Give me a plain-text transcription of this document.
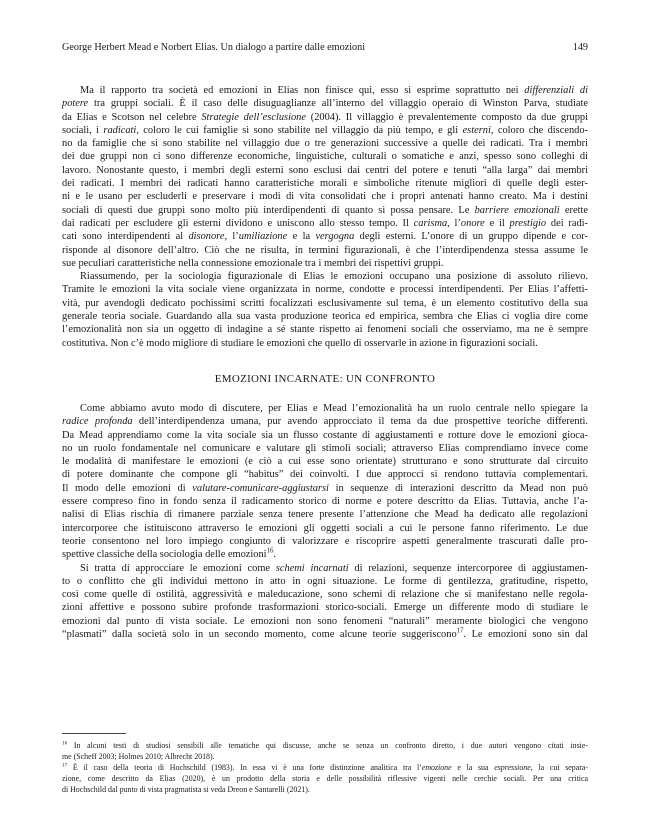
George Herbert Mead e Norbert Elias. Un dialogo a partire dalle emozioni	149
Ma il rapporto tra società ed emozioni in Elias non finisce qui, esso si esprime soprattutto nei differenziali di
potere tra gruppi sociali. È il caso delle disuguaglianze all’interno del villaggio operaio di Winston Parva, studiate
da Elias e Scotson nel celebre Strategie dell’esclusione (2004). Il villaggio è prevalentemente composto da due gruppi
sociali, i radicati, coloro le cui famiglie si sono stabilite nel villaggio da più tempo, e gli esterni, coloro che discendo-
no da famiglie che si sono stabilite nel villaggio due o tre generazioni successive a quelle dei radicati. Tra i membri
dei due gruppi non ci sono differenze economiche, linguistiche, culturali o somatiche e anzi, spesso sono colleghi di
lavoro. Nonostante questo, i membri degli esterni sono esclusi dai centri del potere e tenuti “alla larga” dai membri
dei radicati. I membri dei radicati hanno caratteristiche morali e simboliche ritenute migliori di quelle degli ester-
ni e le usano per escluderli e preservare i modi di vita consolidati che i propri antenati hanno creato. Ma i destini
sociali di questi due gruppi sono molto più interdipendenti di quanto si possa pensare. Le barriere emozionali erette
dai radicati per escludere gli esterni dividono e uniscono allo stesso tempo. Il carisma, l’onore e il prestigio dei radi-
cati sono interdipendenti al disonore, l’umiliazione e la vergogna degli esterni. L’onore di un gruppo dipende e cor-
risponde al disonore dell’altro. Ciò che ne risulta, in termini figurazionali, è che l’interdipendenza stessa assume le
sue peculiari caratteristiche nella connessione emozionale tra i membri dei rispettivi gruppi.
Riassumendo, per la sociologia figurazionale di Elias le emozioni occupano una posizione di assoluto rilievo.
Tramite le emozioni la vita sociale viene organizzata in norme, condotte e processi interdipendenti. Per Elias l’affetti-
vità, pur avendogli dedicato pochissimi scritti focalizzati esclusivamente sul tema, è un elemento costitutivo della sua
generale teoria sociale. Guardando alla sua vasta produzione teorica ed empirica, sembra che Elias ci voglia dire come
l’emozionalità non sia un oggetto di indagine a sé stante rispetto ai fenomeni sociali che osserviamo, ma ne è sempre
costitutiva. Non c’è modo migliore di studiare le emozioni che quello di osservarle in azione in figurazioni sociali.
EMOZIONI INCARNATE: UN CONFRONTO
Come abbiamo avuto modo di discutere, per Elias e Mead l’emozionalità ha un ruolo centrale nello spiegare la
radice profonda dell’interdipendenza umana, pur avendo approcciato il tema da due prospettive teoriche differenti.
Da Mead apprendiamo come la vita sociale sia un flusso costante di aggiustamenti e rotture dove le emozioni gioca-
no un ruolo fondamentale nel comunicare e valutare gli stimoli sociali; attraverso Elias comprendiamo invece come
le modalità di manifestare le emozioni (e ciò a cui esse sono orientate) strutturano e sono strutturate dal circuito
di potere dominante che compone gli “habitus” dei coinvolti. I due approcci si rendono tuttavia complementari.
Il modo delle emozioni di valutare-comunicare-aggiustarsi in sequenze di interazioni descritto da Mead non può
essere compreso fino in fondo senza il radicamento storico di norme e potere descritto da Elias. Tuttavia, anche l’a-
nalisi di Elias rischia di rimanere parziale senza tenere presente l’attenzione che Mead ha dedicato alle regolazioni
intercorporee che istituiscono attraverso le emozioni gli oggetti sociali a cui le persone fanno riferimento. Le due
teorie consentono nel loro impiego congiunto di valorizzare e riscoprire aspetti generalmente trascurati dalle pro-
spettive classiche della sociologia delle emozioni$^{16}$.
Si tratta di approcciare le emozioni come schemi incarnati di relazioni, sequenze intercorporee di aggiustamen-
to o conflitto che gli individui mettono in atto in ogni situazione. Le forme di gentilezza, gratitudine, rispetto,
così come quelle di ostilità, aggressività e maleducazione, sono schemi di relazione che si manifestano nelle regola-
zioni affettive e possono subire profonde trasformazioni storico-sociali. Emerge un differente modo di studiare le
emozioni dal punto di vista sociale. Le emozioni non sono fenomeni “naturali” meramente biologici che vengono
“plasmati” dalla società solo in un secondo momento, come alcune teorie suggeriscono$^{17}$. Le emozioni sono sin dal
$^{16}$ In alcuni testi di studiosi sensibili alle tematiche qui discusse, anche se senza un confronto diretto, i due autori vengono citati insie-
me (Scheff 2003; Holmes 2010; Albrecht 2018).
$^{17}$ È il caso della teoria di Hochschild (1983). In essa vi è una forte distinzione analitica tra l’emozione e la sua espressione, la cui separa-
zione, come descritto da Elias (2020), è un prodotto della storia e delle possibilità riflessive vigenti nelle cerchie sociali. Per una critica
di Hochschild dal punto di vista pragmatista si veda Dreon e Santarelli (2021).
